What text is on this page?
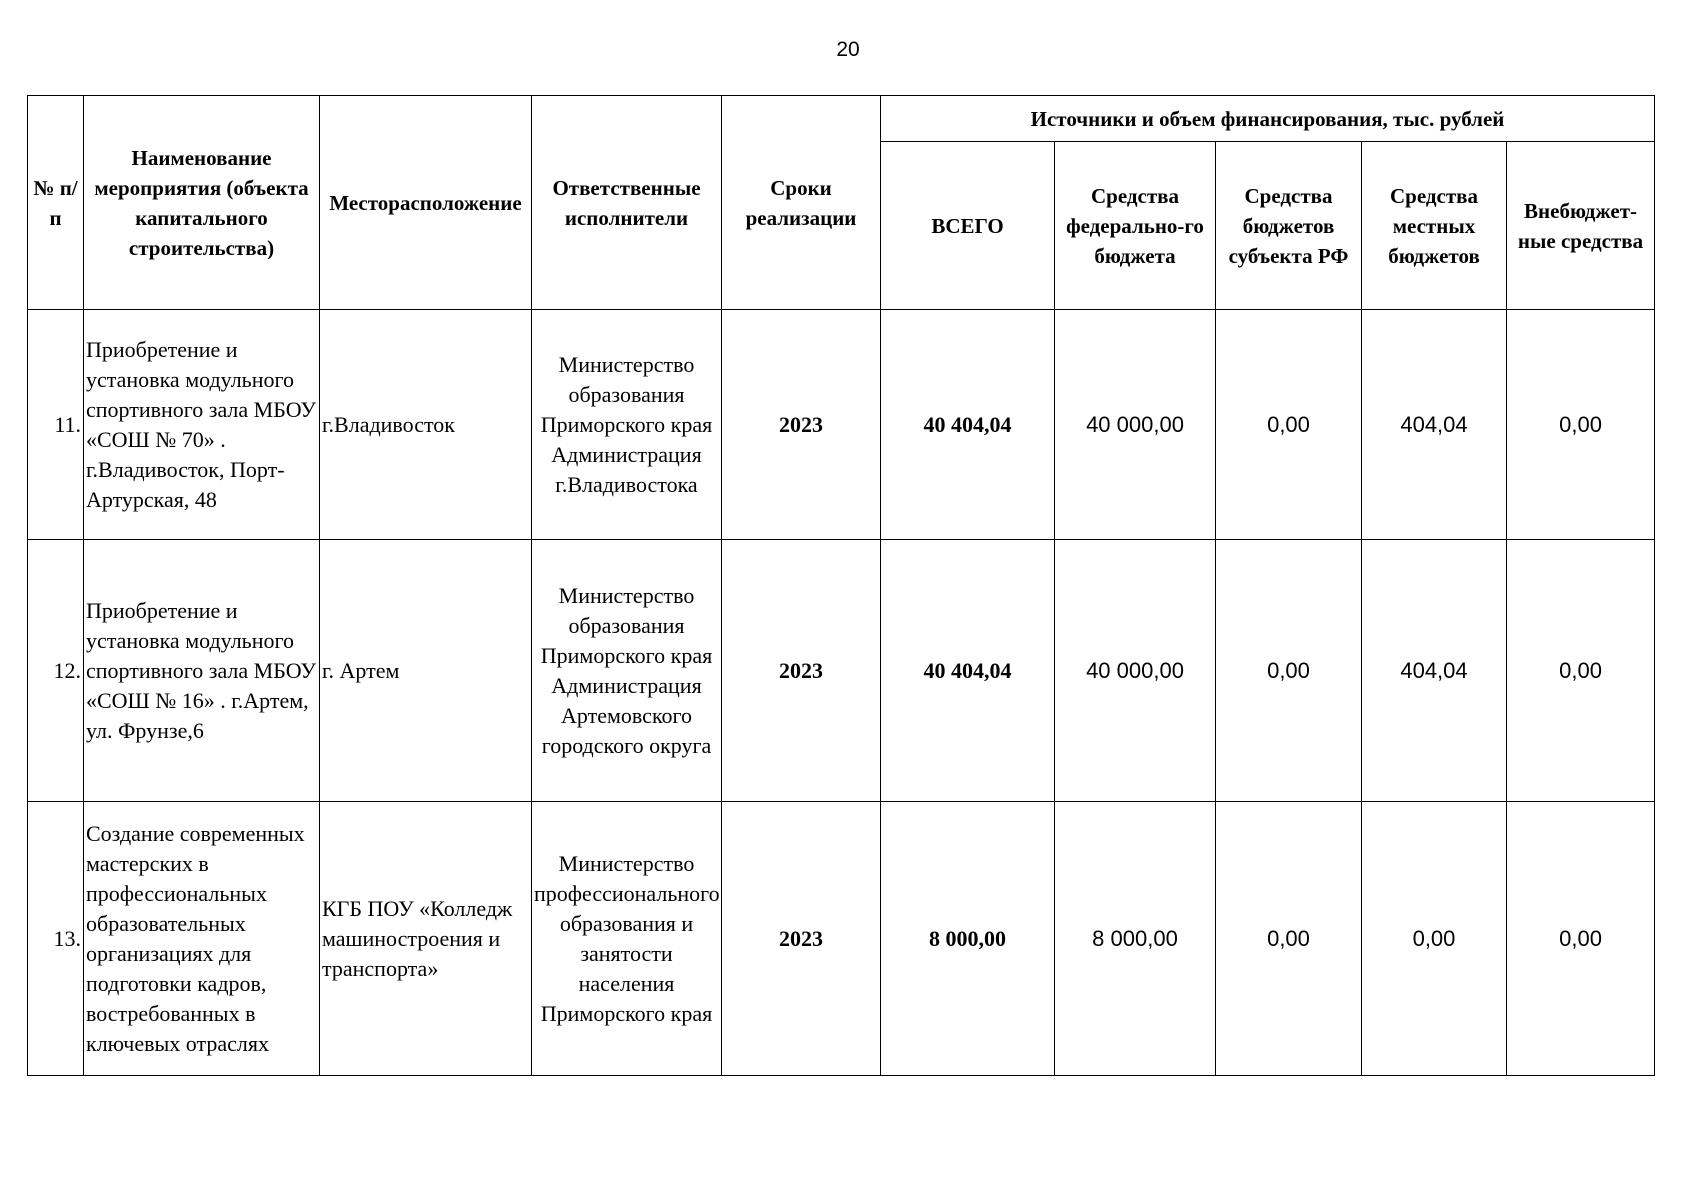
20
№ п/п	Наименование мероприятия (объекта капитального строительства)	Месторасположение	Ответственные исполнители	Сроки реализации	Источники и объем финансирования, тыс. рублей				
					ВСЕГО	Средства федерально-го бюджета	Средства бюджетов субъекта РФ	Средства местных бюджетов	Внебюджет-ные средства
11.	Приобретение и установка модульного спортивного зала МБОУ «СОШ № 70» . г.Владивосток, Порт-Артурская, 48	г.Владивосток	Министерство образования Приморского края Администрация г.Владивостока	2023	40 404,04	40 000,00	0,00	404,04	0,00
12.	Приобретение и установка модульного спортивного зала МБОУ «СОШ № 16» . г.Артем, ул. Фрунзе,6	г. Артем	Министерство образования Приморского края Администрация Артемовского городского округа	2023	40 404,04	40 000,00	0,00	404,04	0,00
13.	Создание современных мастерских в профессиональных образовательных организациях для подготовки кадров, востребованных в ключевых отраслях	КГБ ПОУ «Колледж машиностроения и транспорта»	Министерство профессионального образования и занятости населения Приморского края	2023	8 000,00	8 000,00	0,00	0,00	0,00
